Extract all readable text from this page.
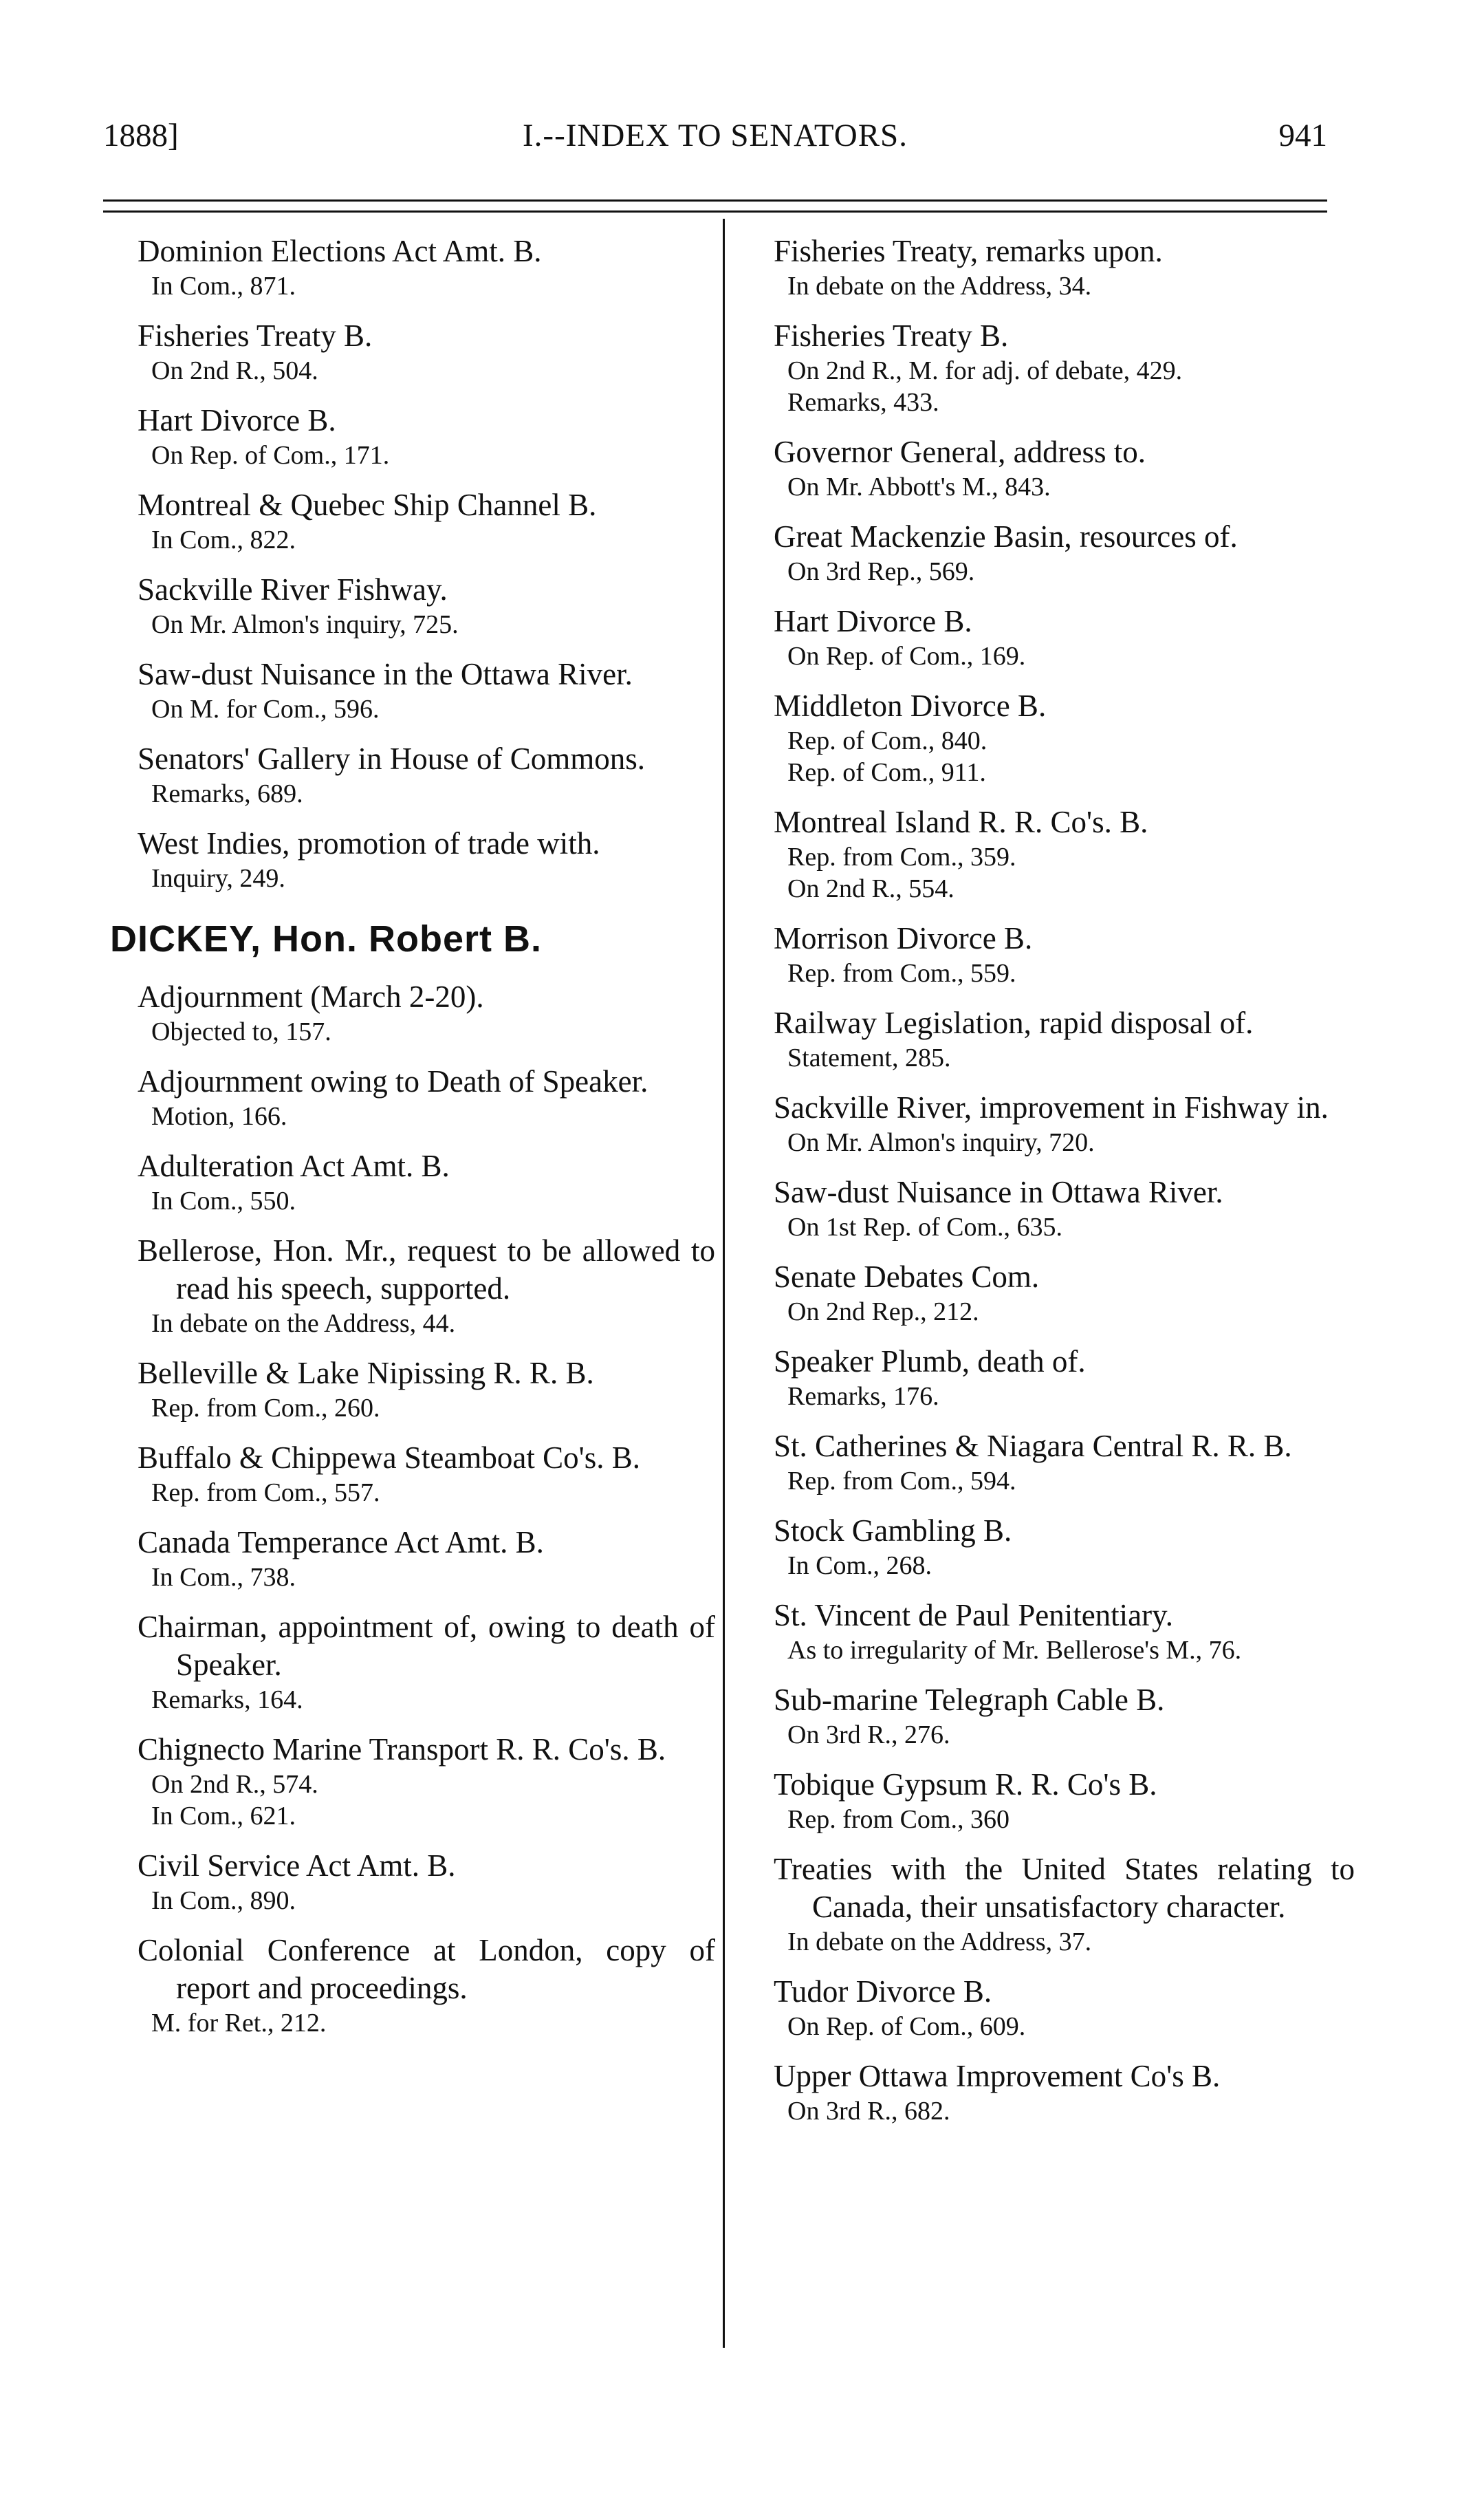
1888]	I.--INDEX TO SENATORS.	941
Dominion Elections Act Amt. B.
In Com., 871.
Fisheries Treaty B.
On 2nd R., 504.
Hart Divorce B.
On Rep. of Com., 171.
Montreal & Quebec Ship Channel B.
In Com., 822.
Sackville River Fishway.
On Mr. Almon's inquiry, 725.
Saw-dust Nuisance in the Ottawa River.
On M. for Com., 596.
Senators' Gallery in House of Commons.
Remarks, 689.
West Indies, promotion of trade with.
Inquiry, 249.
DICKEY, Hon. Robert B.
Adjournment (March 2-20).
Objected to, 157.
Adjournment owing to Death of Speaker.
Motion, 166.
Adulteration Act Amt. B.
In Com., 550.
Bellerose, Hon. Mr., request to be allowed to read his speech, supported.
In debate on the Address, 44.
Belleville & Lake Nipissing R. R. B.
Rep. from Com., 260.
Buffalo & Chippewa Steamboat Co's. B.
Rep. from Com., 557.
Canada Temperance Act Amt. B.
In Com., 738.
Chairman, appointment of, owing to death of Speaker.
Remarks, 164.
Chignecto Marine Transport R. R. Co's. B.
On 2nd R., 574.
In Com., 621.
Civil Service Act Amt. B.
In Com., 890.
Colonial Conference at London, copy of report and proceedings.
M. for Ret., 212.
Fisheries Treaty, remarks upon.
In debate on the Address, 34.
Fisheries Treaty B.
On 2nd R., M. for adj. of debate, 429.
Remarks, 433.
Governor General, address to.
On Mr. Abbott's M., 843.
Great Mackenzie Basin, resources of.
On 3rd Rep., 569.
Hart Divorce B.
On Rep. of Com., 169.
Middleton Divorce B.
Rep. of Com., 840.
Rep. of Com., 911.
Montreal Island R. R. Co's. B.
Rep. from Com., 359.
On 2nd R., 554.
Morrison Divorce B.
Rep. from Com., 559.
Railway Legislation, rapid disposal of.
Statement, 285.
Sackville River, improvement in Fishway in.
On Mr. Almon's inquiry, 720.
Saw-dust Nuisance in Ottawa River.
On 1st Rep. of Com., 635.
Senate Debates Com.
On 2nd Rep., 212.
Speaker Plumb, death of.
Remarks, 176.
St. Catherines & Niagara Central R. R. B.
Rep. from Com., 594.
Stock Gambling B.
In Com., 268.
St. Vincent de Paul Penitentiary.
As to irregularity of Mr. Bellerose's M., 76.
Sub-marine Telegraph Cable B.
On 3rd R., 276.
Tobique Gypsum R. R. Co's B.
Rep. from Com., 360
Treaties with the United States relating to Canada, their unsatisfactory character.
In debate on the Address, 37.
Tudor Divorce B.
On Rep. of Com., 609.
Upper Ottawa Improvement Co's B.
On 3rd R., 682.
